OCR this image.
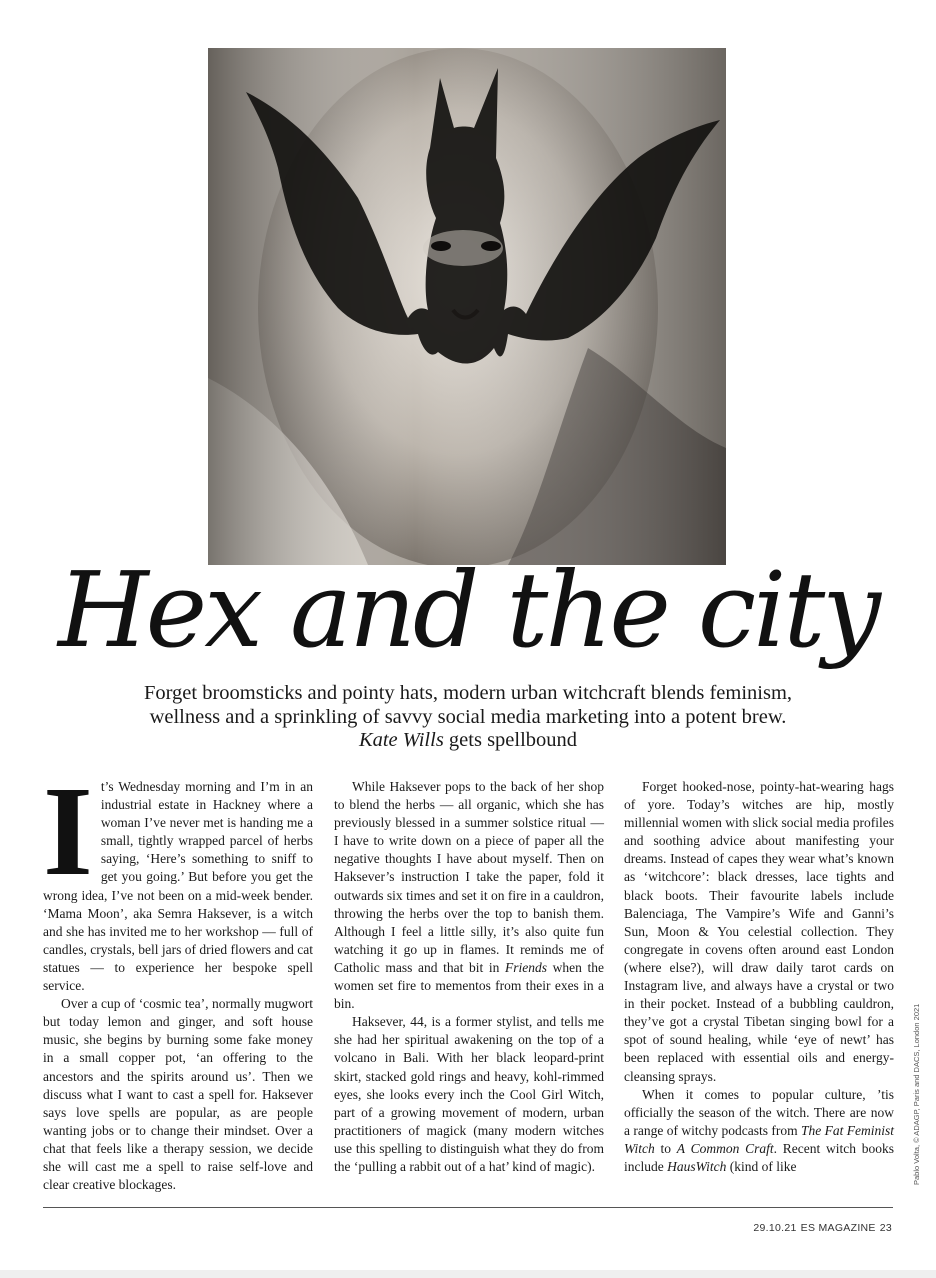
Hex and the city

Forget broomsticks and pointy hats, modern urban witchcraft blends feminism, wellness and a sprinkling of savvy social media marketing into a potent brew. Kate Wills gets spellbound

It’s Wednesday morning and I’m in an industrial estate in Hackney where a woman I’ve never met is handing me a small, tightly wrapped parcel of herbs saying, ‘Here’s something to sniff to get you going.’ But before you get the wrong idea, I’ve not been on a mid-week bender. ‘Mama Moon’, aka Semra Haksever, is a witch and she has invited me to her workshop — full of candles, crystals, bell jars of dried flowers and cat statues — to experience her bespoke spell service.

Over a cup of ‘cosmic tea’, normally mugwort but today lemon and ginger, and soft house music, she begins by burning some fake money in a small copper pot, ‘an offering to the ancestors and the spirits around us’. Then we discuss what I want to cast a spell for. Haksever says love spells are popular, as are people wanting jobs or to change their mindset. Over a chat that feels like a therapy session, we decide she will cast me a spell to raise self-love and clear creative blockages.

While Haksever pops to the back of her shop to blend the herbs — all organic, which she has previously blessed in a summer solstice ritual — I have to write down on a piece of paper all the negative thoughts I have about myself. Then on Haksever’s instruction I take the paper, fold it outwards six times and set it on fire in a cauldron, throwing the herbs over the top to banish them. Although I feel a little silly, it’s also quite fun watching it go up in flames. It reminds me of Catholic mass and that bit in Friends when the women set fire to mementos from their exes in a bin.

Haksever, 44, is a former stylist, and tells me she had her spiritual awakening on the top of a volcano in Bali. With her black leopard-print skirt, stacked gold rings and heavy, kohl-rimmed eyes, she looks every inch the Cool Girl Witch, part of a growing movement of modern, urban practitioners of magick (many modern witches use this spelling to distinguish what they do from the ‘pulling a rabbit out of a hat’ kind of magic).

Forget hooked-nose, pointy-hat-wearing hags of yore. Today’s witches are hip, mostly millennial women with slick social media profiles and soothing advice about manifesting your dreams. Instead of capes they wear what’s known as ‘witchcore’: black dresses, lace tights and black boots. Their favourite labels include Balenciaga, The Vampire’s Wife and Ganni’s Sun, Moon & You celestial collection. They congregate in covens often around east London (where else?), will draw daily tarot cards on Instagram live, and always have a crystal or two in their pocket. Instead of a bubbling cauldron, they’ve got a crystal Tibetan singing bowl for a spot of sound healing, while ‘eye of newt’ has been replaced with essential oils and energy-cleansing sprays.

When it comes to popular culture, ’tis officially the season of the witch. There are now a range of witchy podcasts from The Fat Feminist Witch to A Common Craft. Recent witch books include HausWitch (kind of like	Pablo Volta, © ADAGP, Paris and DACS, London 2021
29.10.21 ES MAGAZINE 23
